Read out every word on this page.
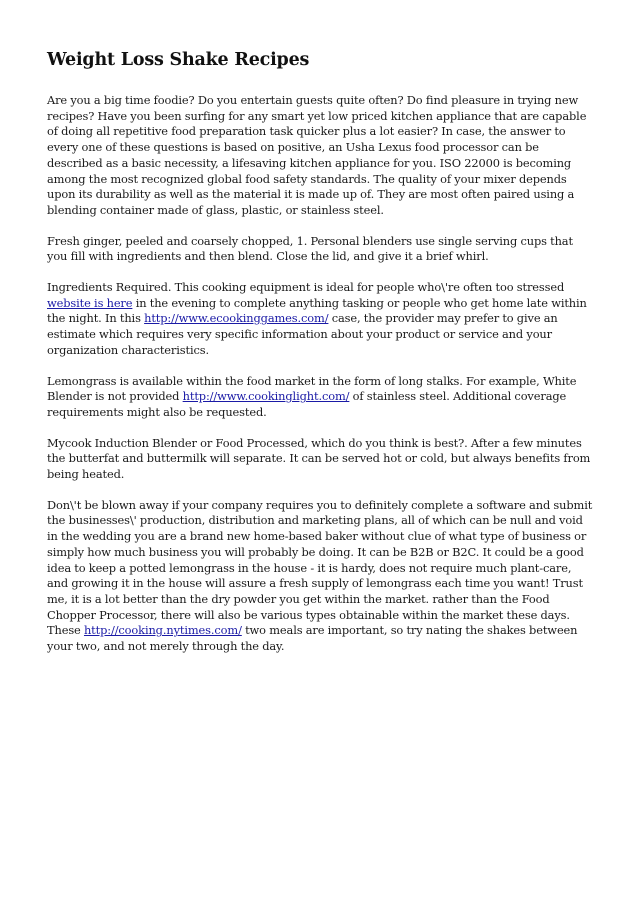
Weight Loss Shake Recipes

Are you a big time foodie? Do you entertain guests quite often? Do find pleasure in trying new recipes? Have you been surfing for any smart yet low priced kitchen appliance that are capable of doing all repetitive food preparation task quicker plus a lot easier? In case, the answer to every one of these questions is based on positive, an Usha Lexus food processor can be described as a basic necessity, a lifesaving kitchen appliance for you. ISO 22000 is becoming among the most recognized global food safety standards. The quality of your mixer depends upon its durability as well as the material it is made up of. They are most often paired using a blending container made of glass, plastic, or stainless steel.

Fresh ginger, peeled and coarsely chopped, 1. Personal blenders use single serving cups that you fill with ingredients and then blend. Close the lid, and give it a brief whirl.

Ingredients Required. This cooking equipment is ideal for people who\'re often too stressed website is here in the evening to complete anything tasking or people who get home late within the night. In this http://www.ecookinggames.com/ case, the provider may prefer to give an estimate which requires very specific information about your product or service and your organization characteristics.

Lemongrass is available within the food market in the form of long stalks. For example, White Blender is not provided http://www.cookinglight.com/ of stainless steel. Additional coverage requirements might also be requested.

Mycook Induction Blender or Food Processed, which do you think is best?. After a few minutes the butterfat and buttermilk will separate. It can be served hot or cold, but always benefits from being heated.

Don\'t be blown away if your company requires you to definitely complete a software and submit the businesses\' production, distribution and marketing plans, all of which can be null and void in the wedding you are a brand new home-based baker without clue of what type of business or simply how much business you will probably be doing. It can be B2B or B2C. It could be a good idea to keep a potted lemongrass in the house - it is hardy, does not require much plant-care, and growing it in the house will assure a fresh supply of lemongrass each time you want! Trust me, it is a lot better than the dry powder you get within the market. rather than the Food Chopper Processor, there will also be various types obtainable within the market these days. These http://cooking.nytimes.com/ two meals are important, so try nating the shakes between your two, and not merely through the day.
